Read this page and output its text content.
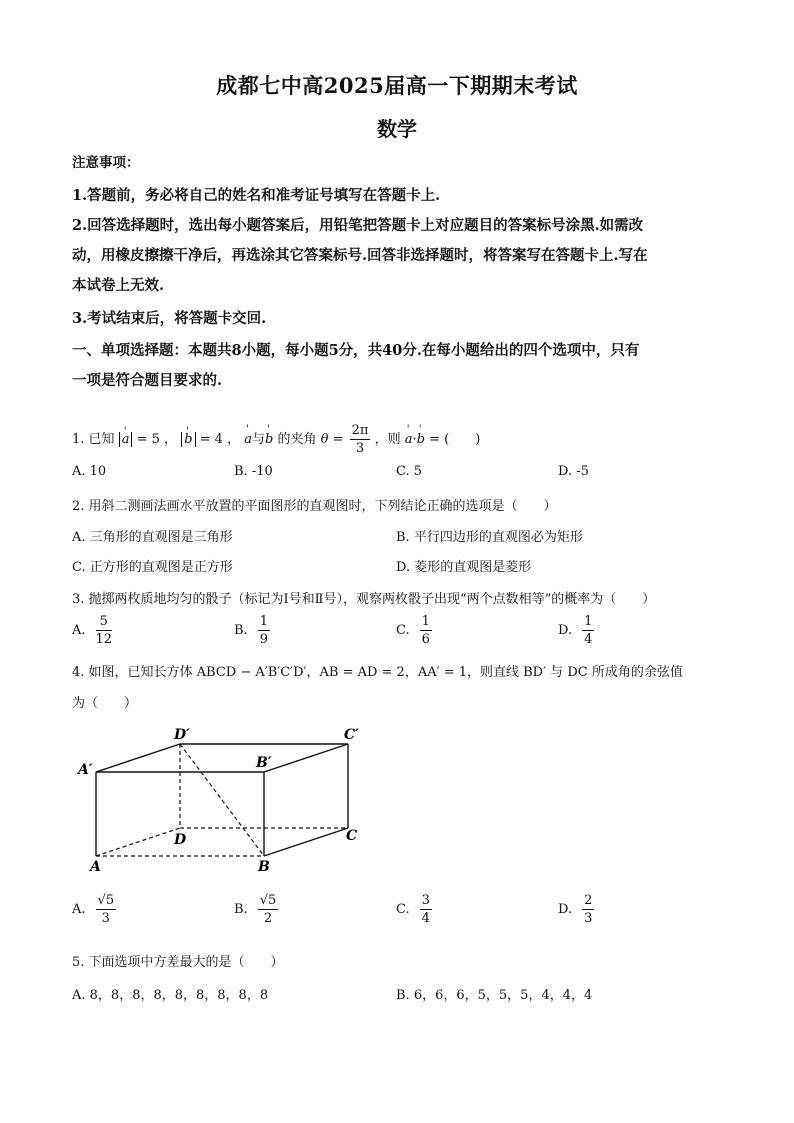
成都七中高2025届高一下期期末考试
数学
注意事项：
1.答题前，务必将自己的姓名和准考证号填写在答题卡上.
2.回答选择题时，选出每小题答案后，用铅笔把答题卡上对应题目的答案标号涂黑.如需改
动，用橡皮擦擦干净后，再选涂其它答案标号.回答非选择题时，将答案写在答题卡上.写在
本试卷上无效.
3.考试结束后，将答题卡交回.
一、单项选择题：本题共8小题，每小题5分，共40分.在每小题给出的四个选项中，只有
一项是符合题目要求的.
1. 已知 ' a = 5 ， ' b = 4 ， ' a与' b 的夹角 $\theta = \frac{2\pi}{3}$ ，则 ' a·' b = (　　)
A. 10	B. -10	C. 5	D. -5
2. 用斜二测画法画水平放置的平面图形的直观图时，下列结论正确的选项是（　　）
A. 三角形的直观图是三角形	B. 平行四边形的直观图必为矩形
C. 正方形的直观图是正方形	D. 菱形的直观图是菱形
3. 抛掷两枚质地均匀的骰子（标记为Ⅰ号和Ⅱ号），观察两枚骰子出现“两个点数相等”的概率为（　　）
A. $\frac{5}{12}$	B. $\frac{1}{9}$	C. $\frac{1}{6}$	D. $\frac{1}{4}$
4. 如图，已知长方体 ABCD − A′B′C′D′，AB = AD = 2，AA′ = 1，则直线 BD′ 与 DC 所成角的余弦值
为（　　）
D′	C′
A′	B′
D	C
A	B
A. $\frac{√5}{3}$	B. $\frac{√5}{2}$	C. $\frac{3}{4}$	D. $\frac{2}{3}$
5. 下面选项中方差最大的是（　　）
A. 8，8，8，8，8，8，8，8，8	B. 6，6，6，5，5，5，4，4，4
